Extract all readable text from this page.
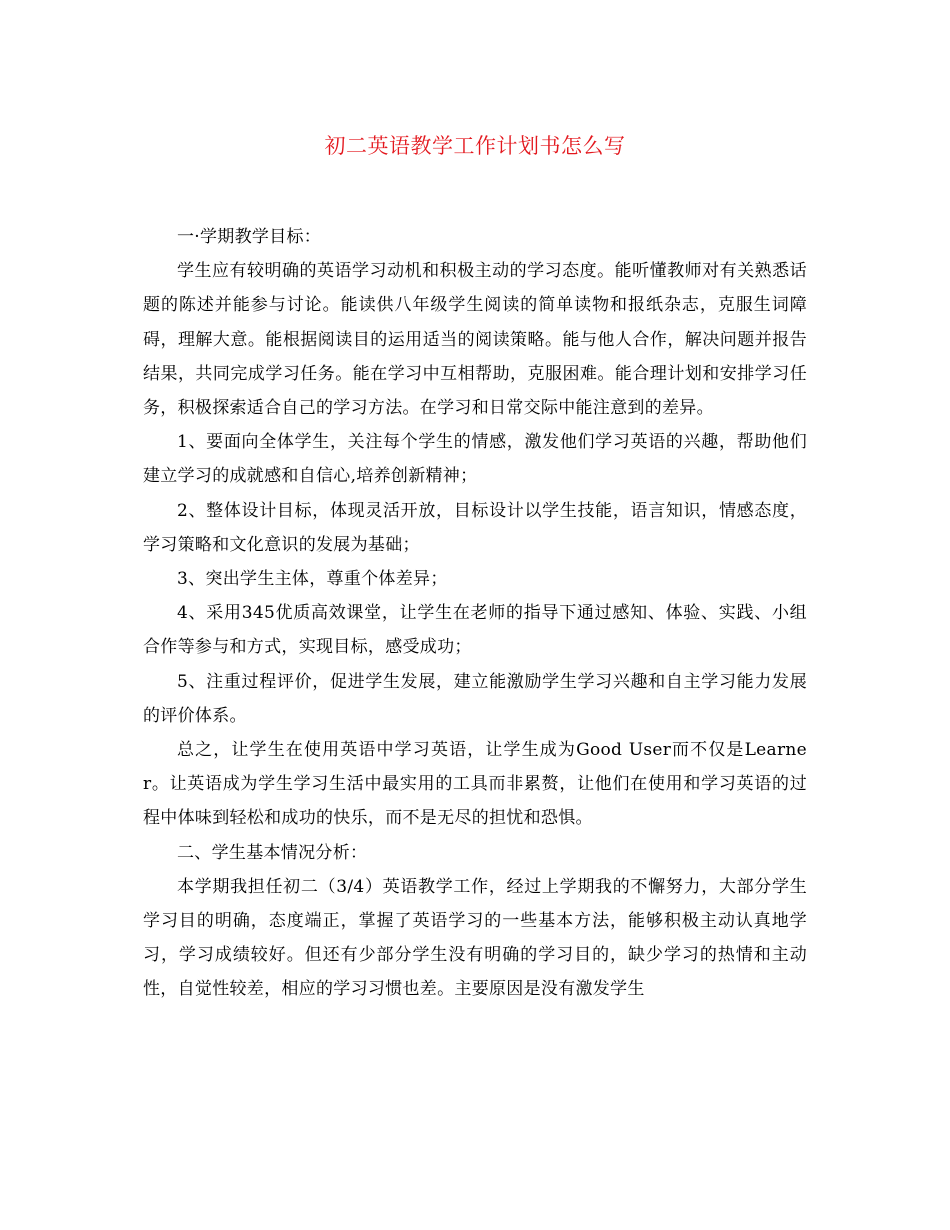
初二英语教学工作计划书怎么写

一·学期教学目标：

学生应有较明确的英语学习动机和积极主动的学习态度。能听懂教师对有关熟悉话题的陈述并能参与讨论。能读供八年级学生阅读的简单读物和报纸杂志，克服生词障碍，理解大意。能根据阅读目的运用适当的阅读策略。能与他人合作，解决问题并报告结果，共同完成学习任务。能在学习中互相帮助，克服困难。能合理计划和安排学习任务，积极探索适合自己的学习方法。在学习和日常交际中能注意到的差异。

1、要面向全体学生，关注每个学生的情感，激发他们学习英语的兴趣，帮助他们建立学习的成就感和自信心,培养创新精神；

2、整体设计目标，体现灵活开放，目标设计以学生技能，语言知识，情感态度，学习策略和文化意识的发展为基础；

3、突出学生主体，尊重个体差异；

4、采用345优质高效课堂，让学生在老师的指导下通过感知、体验、实践、小组合作等参与和方式，实现目标，感受成功；

5、注重过程评价，促进学生发展，建立能激励学生学习兴趣和自主学习能力发展的评价体系。

总之，让学生在使用英语中学习英语，让学生成为Good User而不仅是Learner。让英语成为学生学习生活中最实用的工具而非累赘，让他们在使用和学习英语的过程中体味到轻松和成功的快乐，而不是无尽的担忧和恐惧。

二、学生基本情况分析：

本学期我担任初二（3/4）英语教学工作，经过上学期我的不懈努力，大部分学生学习目的明确，态度端正，掌握了英语学习的一些基本方法，能够积极主动认真地学习，学习成绩较好。但还有少部分学生没有明确的学习目的，缺少学习的热情和主动性，自觉性较差，相应的学习习惯也差。主要原因是没有激发学生
